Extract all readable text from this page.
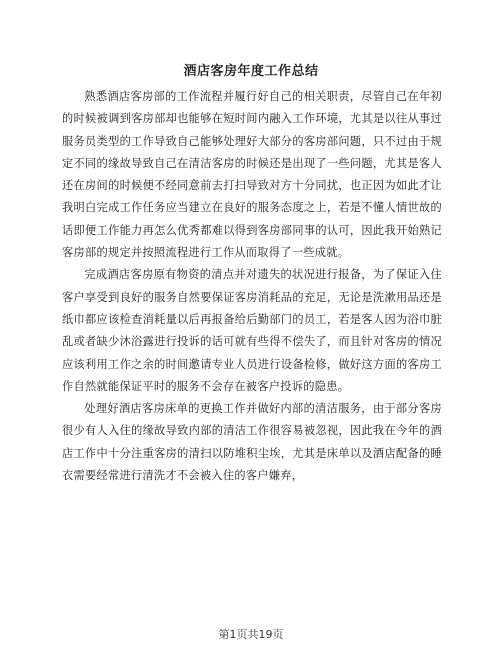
酒店客房年度工作总结

熟悉酒店客房部的工作流程并履行好自己的相关职责，尽管自己在年初的时候被调到客房部却也能够在短时间内融入工作环境，尤其是以往从事过服务员类型的工作导致自己能够处理好大部分的客房部问题，只不过由于规定不同的缘故导致自己在清洁客房的时候还是出现了一些问题，尤其是客人还在房间的时候便不经同意前去打扫导致对方十分同扰，也正因为如此才让我明白完成工作任务应当建立在良好的服务态度之上，若是不懂人情世故的话即便工作能力再怎么优秀都难以得到客房部同事的认可，因此我开始熟记客房部的规定并按照流程进行工作从而取得了一些成就。

完成酒店客房原有物资的清点并对遗失的状况进行报备，为了保证入住客户享受到良好的服务自然要保证客房消耗品的充足，无论是洗漱用品还是纸巾都应该检查消耗量以后再报备给后勤部门的员工，若是客人因为浴巾脏乱或者缺少沐浴露进行投诉的话可就有些得不偿失了，而且针对客房的情况应该利用工作之余的时间邀请专业人员进行设备检修，做好这方面的客房工作自然就能保证平时的服务不会存在被客户投诉的隐患。

处理好酒店客房床单的更换工作并做好内部的清洁服务，由于部分客房很少有人入住的缘故导致内部的清洁工作很容易被忽视，因此我在今年的酒店工作中十分注重客房的清扫以防堆积尘埃，尤其是床单以及酒店配备的睡衣需要经常进行清洗才不会被入住的客户嫌弃，

第1页共19页
